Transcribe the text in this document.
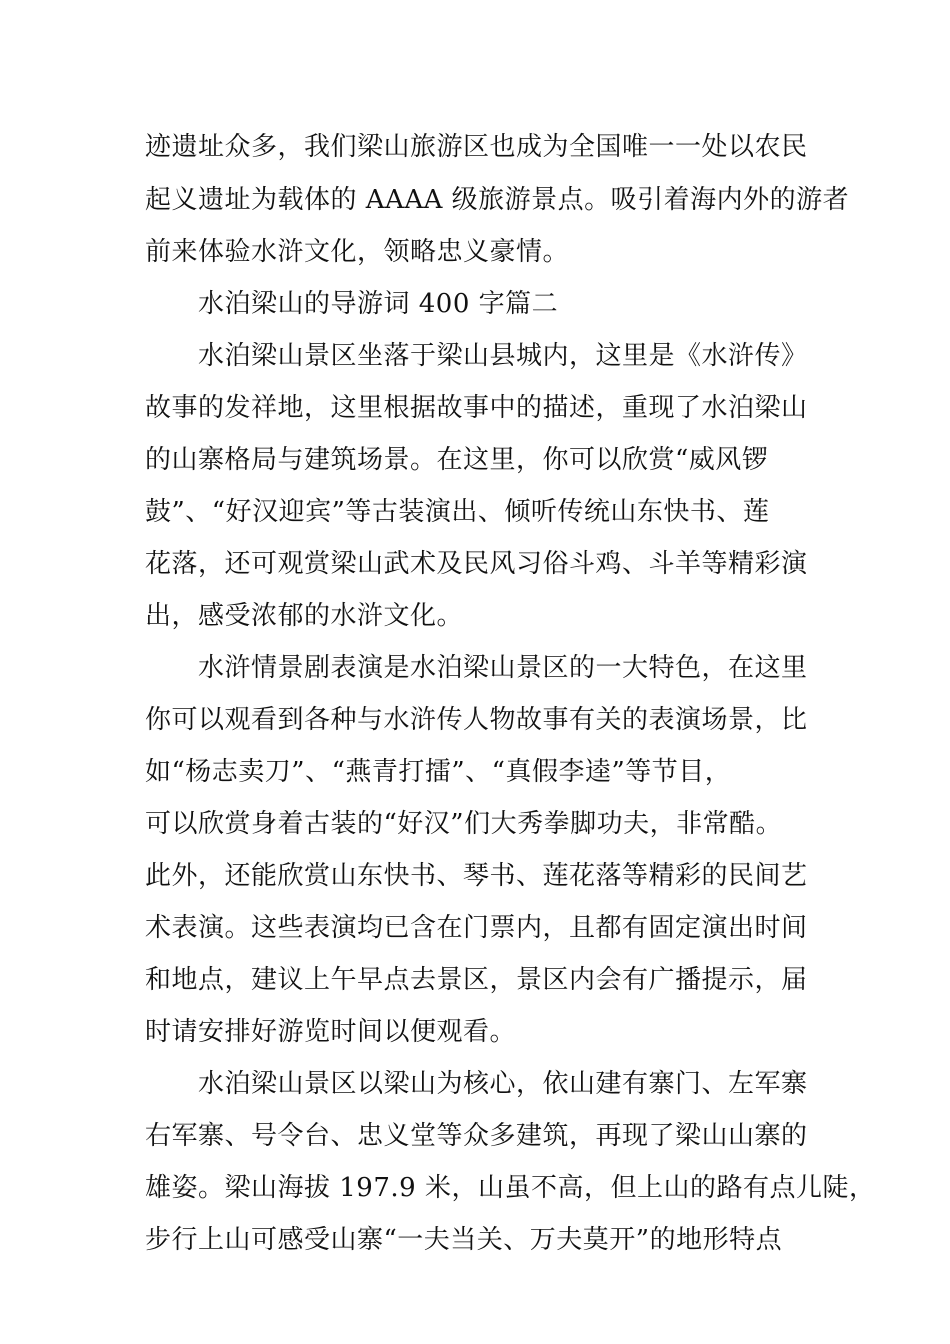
迹遗址众多，我们梁山旅游区也成为全国唯一一处以农民
起义遗址为载体的 AAAA 级旅游景点。吸引着海内外的游者
前来体验水浒文化，领略忠义豪情。
水泊梁山的导游词 400 字篇二
水泊梁山景区坐落于梁山县城内，这里是《水浒传》
故事的发祥地，这里根据故事中的描述，重现了水泊梁山
的山寨格局与建筑场景。在这里，你可以欣赏“威风锣
鼓”、“好汉迎宾”等古装演出、倾听传统山东快书、莲
花落，还可观赏梁山武术及民风习俗斗鸡、斗羊等精彩演
出，感受浓郁的水浒文化。
水浒情景剧表演是水泊梁山景区的一大特色，在这里
你可以观看到各种与水浒传人物故事有关的表演场景，比
如“杨志卖刀”、“燕青打擂”、“真假李逵”等节目，
可以欣赏身着古装的“好汉”们大秀拳脚功夫，非常酷。
此外，还能欣赏山东快书、琴书、莲花落等精彩的民间艺
术表演。这些表演均已含在门票内，且都有固定演出时间
和地点，建议上午早点去景区，景区内会有广播提示，届
时请安排好游览时间以便观看。
水泊梁山景区以梁山为核心，依山建有寨门、左军寨
右军寨、号令台、忠义堂等众多建筑，再现了梁山山寨的
雄姿。梁山海拔 197.9 米，山虽不高，但上山的路有点儿陡，
步行上山可感受山寨“一夫当关、万夫莫开”的地形特点
